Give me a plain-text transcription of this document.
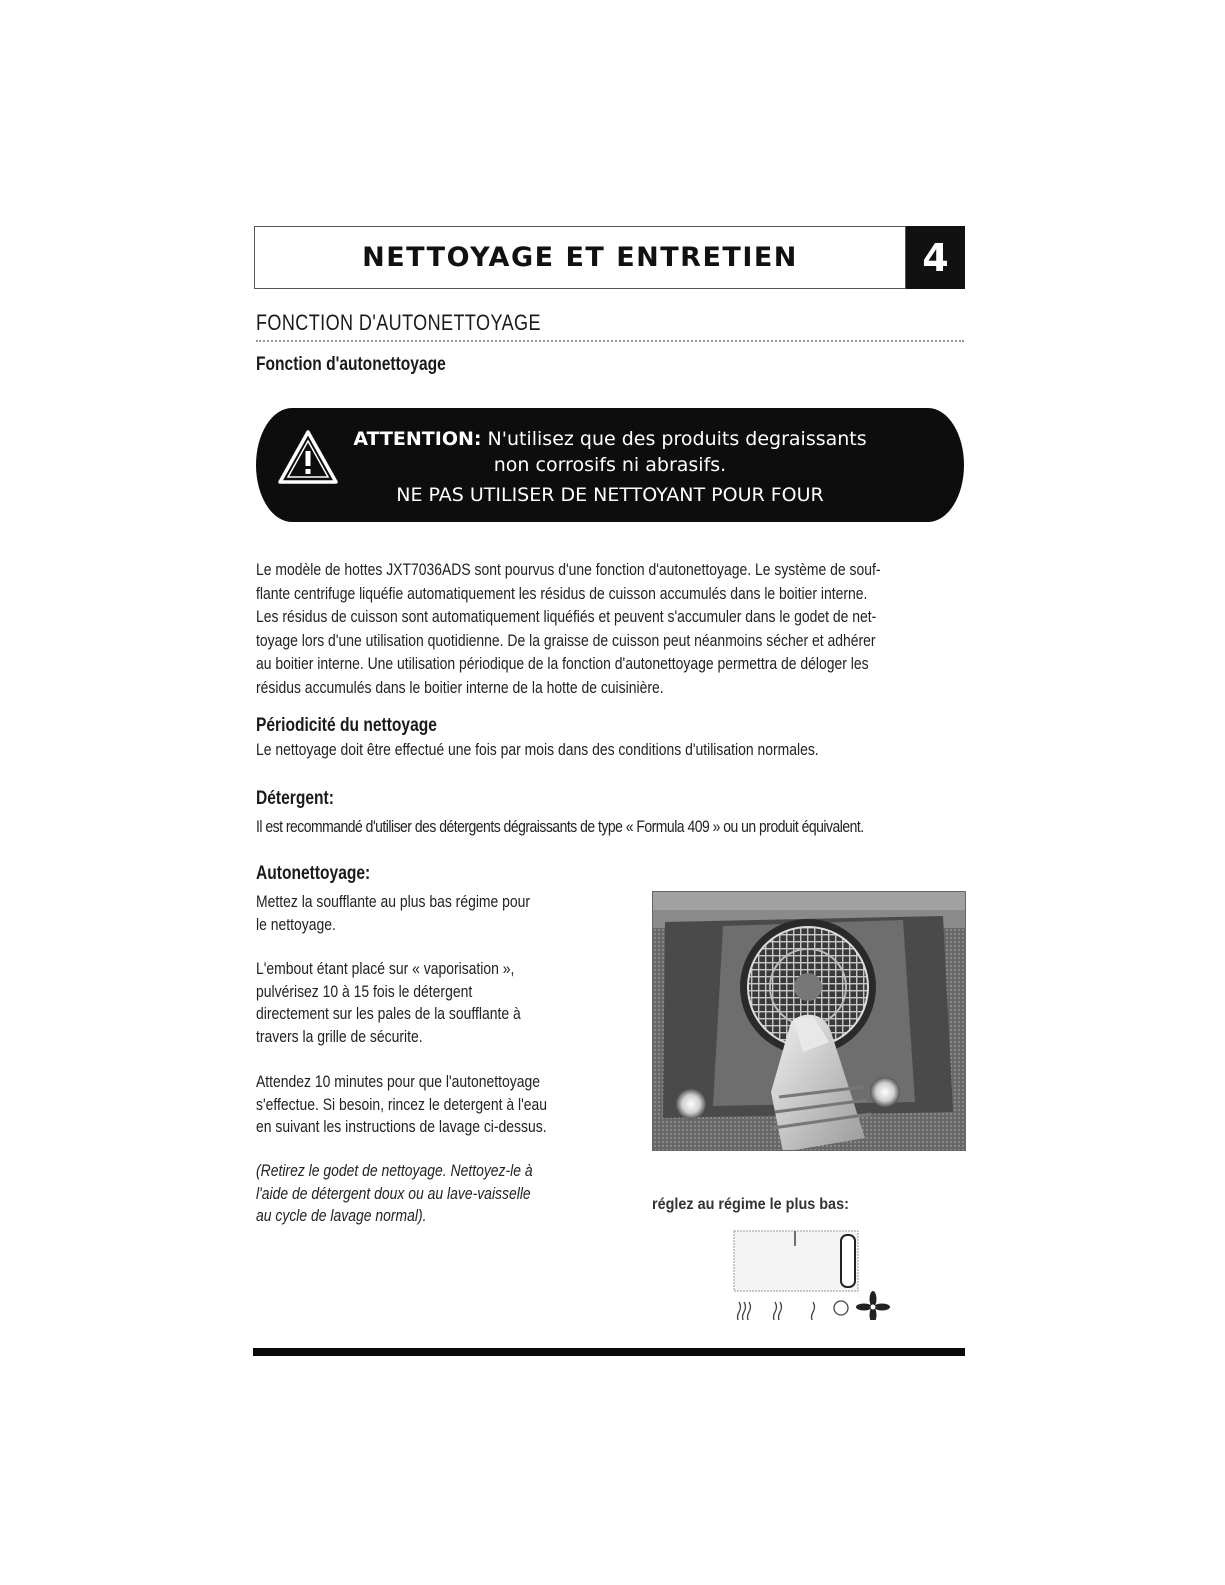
NETTOYAGE ET ENTRETIEN	4
FONCTION D'AUTONETTOYAGE
Fonction d'autonettoyage
ATTENTION: N'utilisez que des produits degraissants
non corrosifs ni abrasifs.
NE PAS UTILISER DE NETTOYANT POUR FOUR
Le modèle de hottes JXT7036ADS sont pourvus d'une fonction d'autonettoyage. Le système de souf-
flante centrifuge liquéfie automatiquement les résidus de cuisson accumulés dans le boitier interne.
Les résidus de cuisson sont automatiquement liquéfiés et peuvent s'accumuler dans le godet de net-
toyage lors d'une utilisation quotidienne. De la graisse de cuisson peut néanmoins sécher et adhérer
au boitier interne. Une utilisation périodique de la fonction d'autonettoyage permettra de déloger les
résidus accumulés dans le boitier interne de la hotte de cuisinière.
Périodicité du nettoyage
Le nettoyage doit être effectué une fois par mois dans des conditions d'utilisation normales.
Détergent:
Il est recommandé d'utiliser des détergents dégraissants de type « Formula 409 » ou un produit équivalent.
Autonettoyage:
Mettez la soufflante au plus bas régime pour
le nettoyage.
L'embout étant placé sur « vaporisation »,
pulvérisez 10 à 15 fois le détergent
directement sur les pales de la soufflante à
travers la grille de sécurite.
Attendez 10 minutes pour que l'autonettoyage
s'effectue. Si besoin, rincez le detergent à l'eau
en suivant les instructions de lavage ci-dessus.
(Retirez le godet de nettoyage. Nettoyez-le à
l'aide de détergent doux ou au lave-vaisselle
au cycle de lavage normal).
réglez au régime le plus bas:
